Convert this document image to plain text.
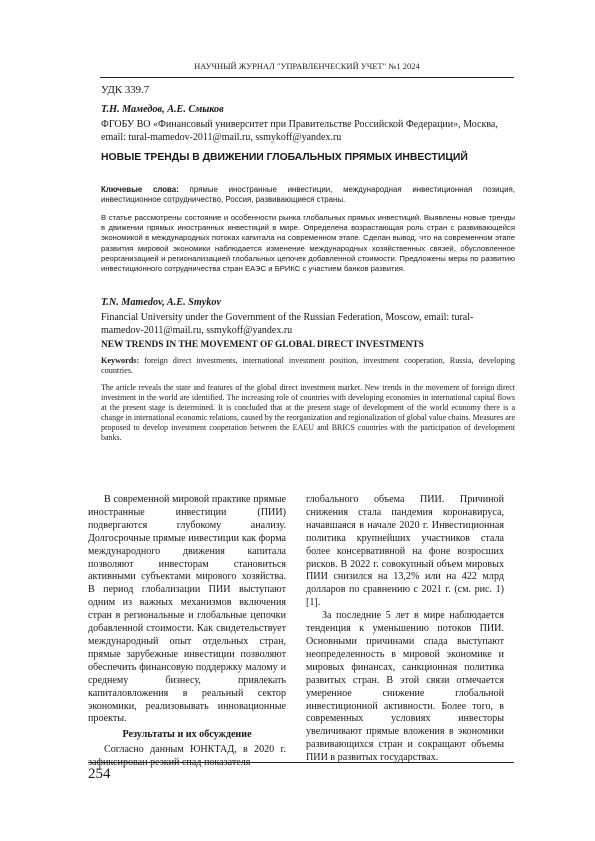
НАУЧНЫЙ ЖУРНАЛ "УПРАВЛЕНЧЕСКИЙ УЧЕТ" №1 2024
УДК 339.7
Т.Н. Мамедов, А.Е. Смыков
ФГОБУ ВО «Финансовый университет при Правительстве Российской Федерации», Москва, email: tural-mamedov-2011@mail.ru, ssmykoff@yandex.ru
НОВЫЕ ТРЕНДЫ В ДВИЖЕНИИ ГЛОБАЛЬНЫХ ПРЯМЫХ ИНВЕСТИЦИЙ
Ключевые слова: прямые иностранные инвестиции, международная инвестиционная позиция, инвестиционное сотрудничество, Россия, развивающиеся страны.
В статье рассмотрены состояние и особенности рынка глобальных прямых инвестиций. Выявлены новые тренды в движении прямых иностранных инвестиций в мире. Определена возрастающая роль стран с развивающейся экономикой в международных потоках капитала на современном этапе. Сделан вывод, что на современном этапе развития мировой экономики наблюдается изменение международных хозяйственных связей, обусловленное реорганизацией и регионализацией глобальных цепочек добавленной стоимости. Предложены меры по развитию инвестиционного сотрудничества стран ЕАЭС и БРИКС с участием банков развития.
T.N. Mamedov, A.E. Smykov
Financial University under the Government of the Russian Federation, Moscow, email: tural-mamedov-2011@mail.ru, ssmykoff@yandex.ru
NEW TRENDS IN THE MOVEMENT OF GLOBAL DIRECT INVESTMENTS
Keywords: foreign direct investments, international investment position, investment cooperation, Russia, developing countries.
The article reveals the state and features of the global direct investment market. New trends in the movement of foreign direct investment in the world are identified. The increasing role of countries with developing economies in international capital flows at the present stage is determined. It is concluded that at the present stage of development of the world economy there is a change in international economic relations, caused by the reorganization and regionalization of global value chains. Measures are proposed to develop investment cooperation between the EAEU and BRICS countries with the participation of development banks.

В современной мировой практике прямые иностранные инвестиции (ПИИ) подвергаются глубокому анализу. Долгосрочные прямые инвестиции как форма международного движения капитала позволяют инвесторам становиться активными субъектами мирового хозяйства. В период глобализации ПИИ выступают одним из важных механизмов включения стран в региональные и глобальные цепочки добавленной стоимости. Как свидетельствует международный опыт отдельных стран, прямые зарубежные инвестиции позволяют обеспечить финансовую поддержку малому и среднему бизнесу, привлекать капиталовложения в реальный сектор экономики, реализовывать инновационные проекты.

Результаты и их обсуждение

Согласно данным ЮНКТАД, в 2020 г. зафиксирован резкий спад показателя

глобального объема ПИИ. Причиной снижения стала пандемия коронавируса, начавшаяся в начале 2020 г. Инвестиционная политика крупнейших участников стала более консервативной на фоне возросших рисков. В 2022 г. совокупный объем мировых ПИИ снизился на 13,2% или на 422 млрд долларов по сравнению с 2021 г. (см. рис. 1) [1].

За последние 5 лет в мире наблюдается тенденция к уменьшению потоков ПИИ. Основными причинами спада выступают неопределенность в мировой экономике и мировых финансах, санкционная политика развитых стран. В этой связи отмечается умеренное снижение глобальной инвестиционной активности. Более того, в современных условиях инвесторы увеличивают прямые вложения в экономики развивающихся стран и сокращают объемы ПИИ в развитых государствах.

254
